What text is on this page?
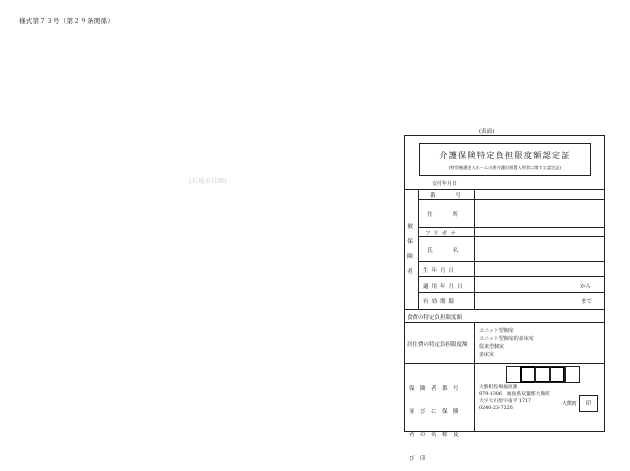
様式第７３号（第２９条関係）
(石地名技師)
(表面)
介護保険特定負担限度額認定証
(特別養護老人ホームの要介護旧措置入所者に関する認定証)
交付年月日
被保険者
番　　号
住　　所
フリガナ
氏　　名
生年月日
適用年月日
有効期限
から
まで
食費の特定負担限度額
居住費の特定負担限度額
ユニット型個室
ユニット型個室的多床室
従来型個室
多床室

保　険　者　番　号

並　び　に　保　険

者　の　名　称　及

び　印

大熊町役場福祉課
979-1306　福島県双葉郡大熊町
大字大川原字南平 1717
0240-23-7226
大熊町	印
